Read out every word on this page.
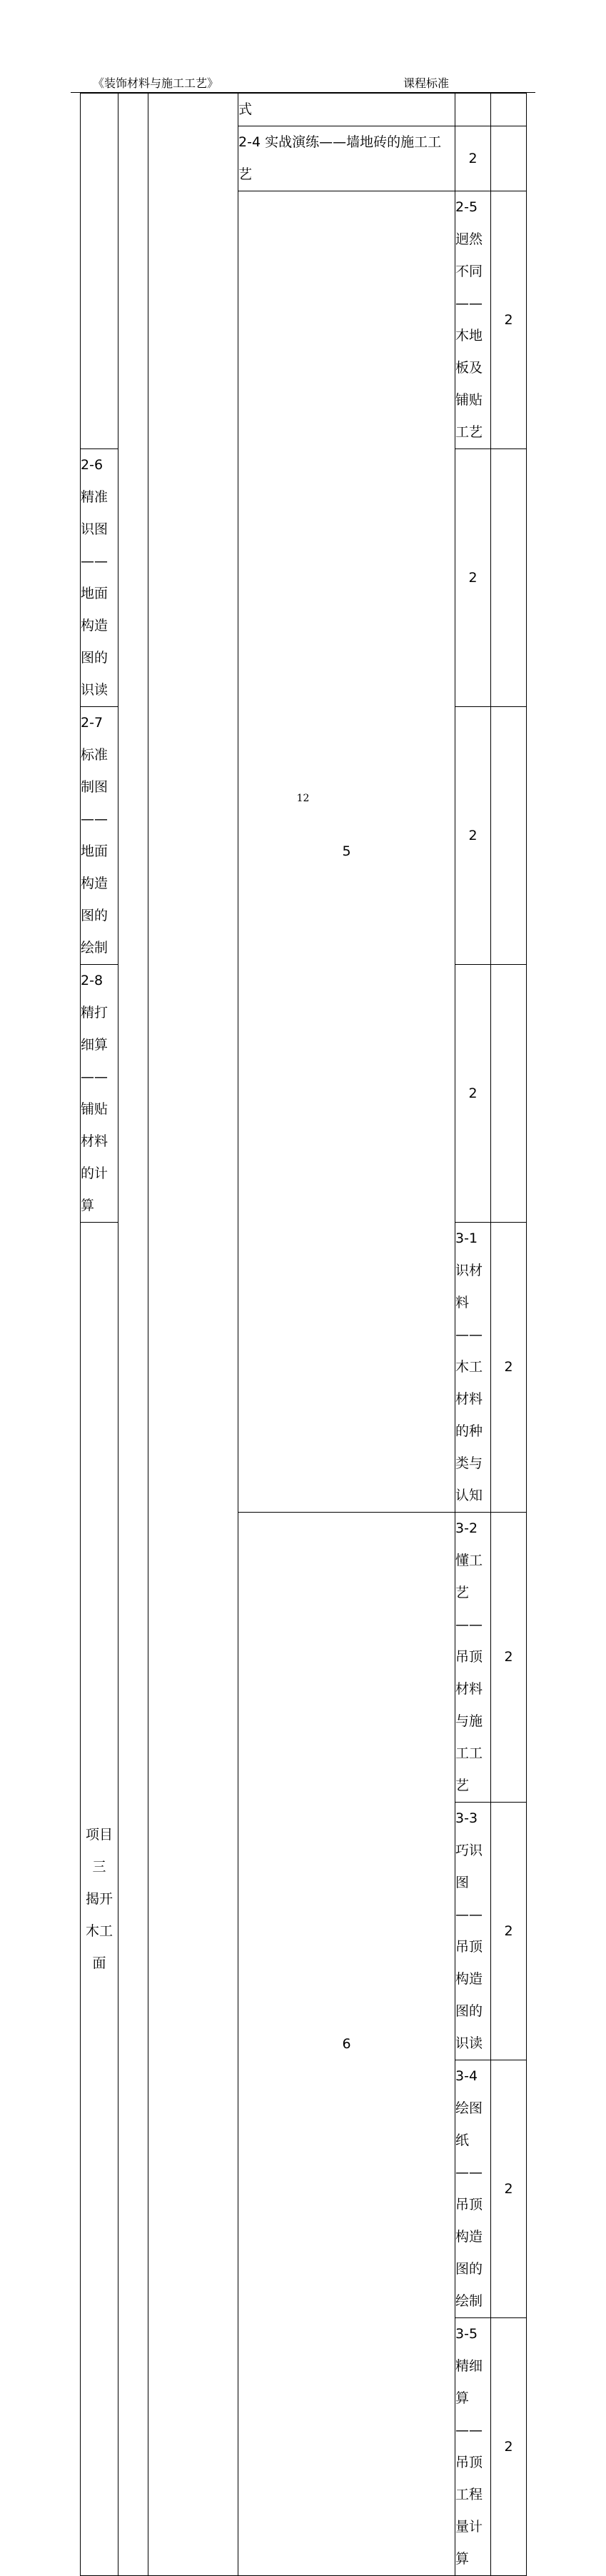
《装饰材料与施工工艺》	课程标准
			式			
			2-4 实战演练——墙地砖的施工工艺	2		
			5	2-5 迥然不同——木地板及铺贴工艺	2	
2-6 精准识图——地面构造图的识读				2		
2-7 标准制图——地面构造图的绘制				2		
2-8 精打细算——铺贴材料的计算				2		

项目三
揭开木工面				3-1 识材料——木工材料的种类与认知	2	
			6	3-2 懂工艺——吊顶材料与施工工艺	2	
				3-3 巧识图——吊顶构造图的识读	2	
				3-4 绘图纸——吊顶构造图的绘制	2	
				3-5 精细算——吊顶工程量计算	2	
12
